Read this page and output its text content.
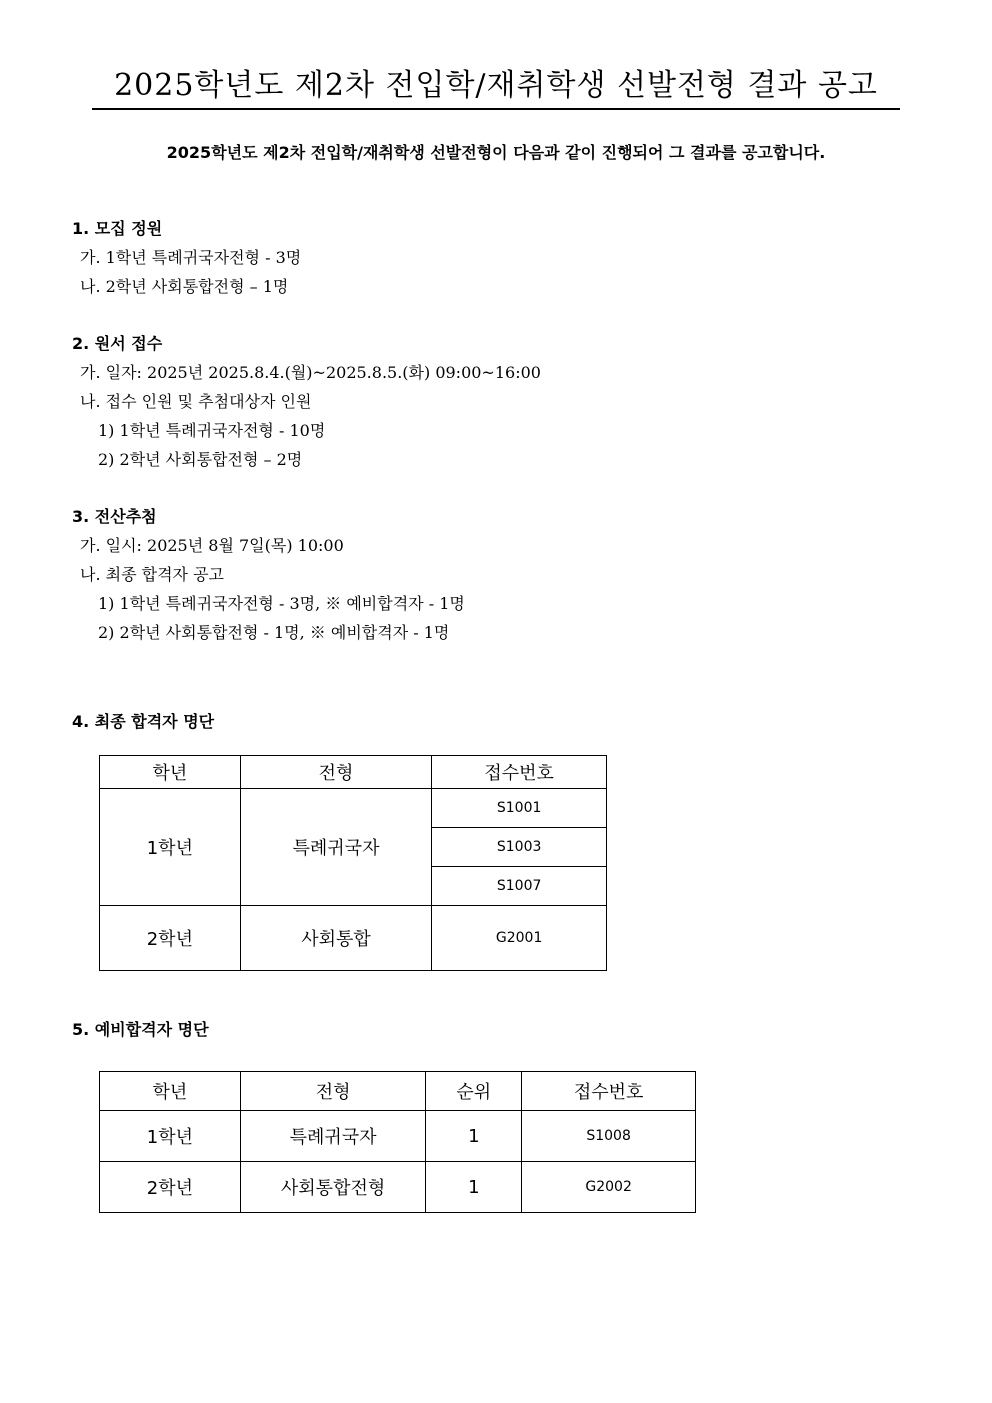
2025학년도 제2차 전입학/재취학생 선발전형 결과 공고
2025학년도 제2차 전입학/재취학생 선발전형이 다음과 같이 진행되어 그 결과를 공고합니다.
1. 모집 정원
가. 1학년 특례귀국자전형 - 3명
나. 2학년 사회통합전형 – 1명
2. 원서 접수
가. 일자: 2025년 2025.8.4.(월)~2025.8.5.(화) 09:00~16:00
나. 접수 인원 및 추첨대상자 인원
1) 1학년 특례귀국자전형 - 10명
2) 2학년 사회통합전형 – 2명
3. 전산추첨
가. 일시: 2025년 8월 7일(목) 10:00
나. 최종 합격자 공고
1) 1학년 특례귀국자전형 - 3명, ※ 예비합격자 - 1명
2) 2학년 사회통합전형 - 1명, ※ 예비합격자 - 1명
4. 최종 합격자 명단
학년	전형	접수번호
1학년	특례귀국자	S1001
		S1003
		S1007
2학년	사회통합	G2001
5. 예비합격자 명단
학년	전형	순위	접수번호
1학년	특례귀국자	1	S1008
2학년	사회통합전형	1	G2002
